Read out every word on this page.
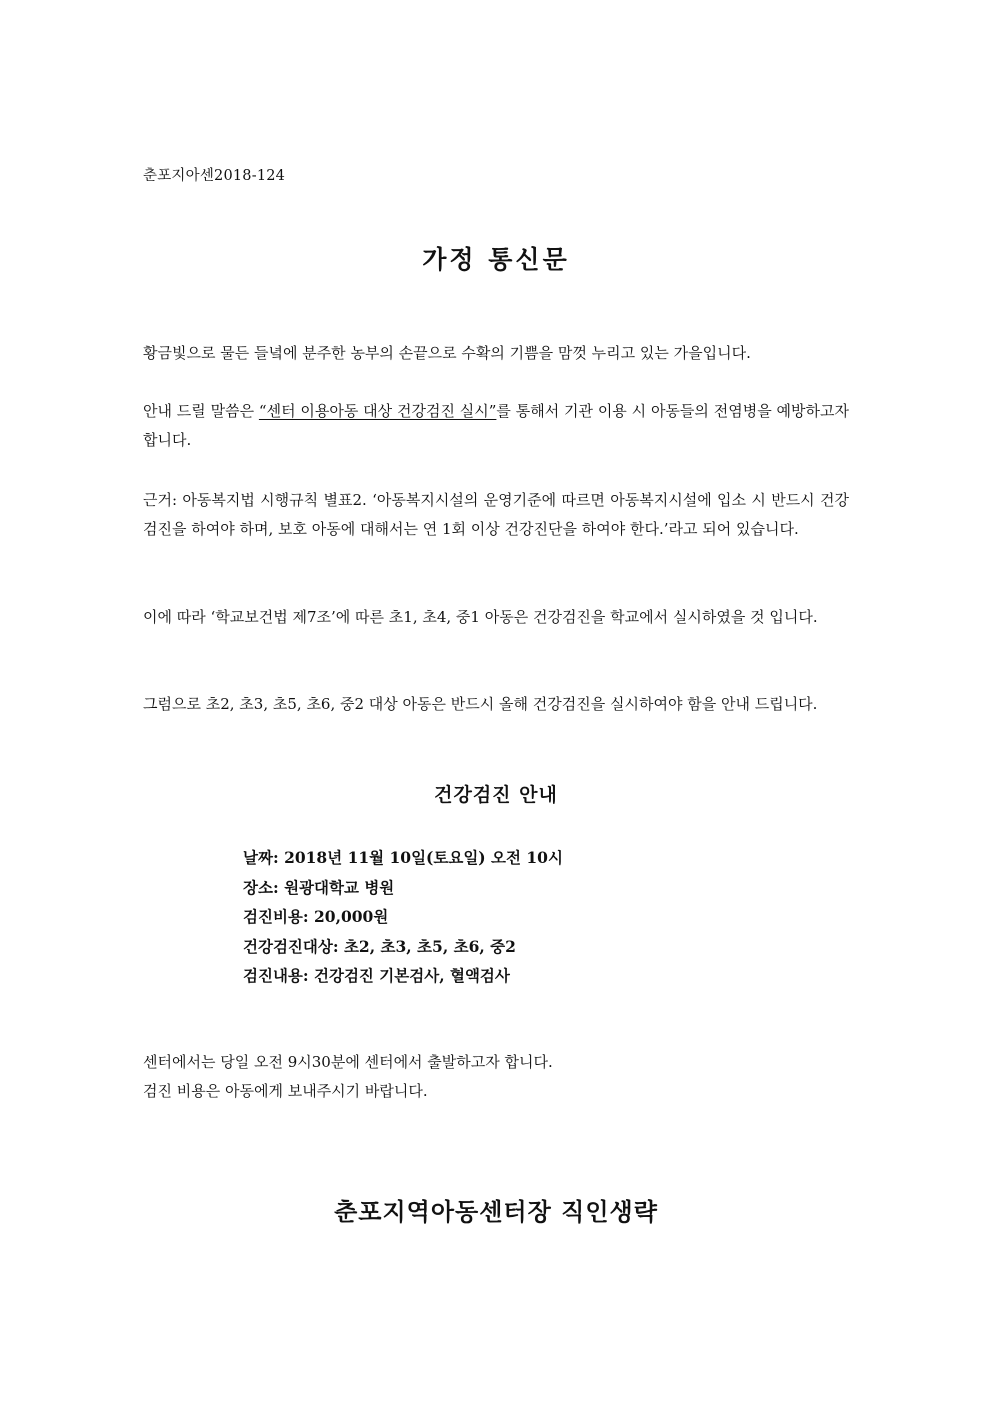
춘포지아센2018-124
가정 통신문
황금빛으로 물든 들녘에 분주한 농부의 손끝으로 수확의 기쁨을 맘껏 누리고 있는 가을입니다.
안내 드릴 말씀은 “센터 이용아동 대상 건강검진 실시”를 통해서 기관 이용 시 아동들의 전염병을 예방하고자 합니다.
근거: 아동복지법 시행규칙 별표2. ‘아동복지시설의 운영기준에 따르면 아동복지시설에 입소 시 반드시 건강검진을 하여야 하며, 보호 아동에 대해서는 연 1회 이상 건강진단을 하여야 한다.’라고 되어 있습니다.
이에 따라 ‘학교보건법 제7조’에 따른 초1, 초4, 중1 아동은 건강검진을 학교에서 실시하였을 것 입니다.
그럼으로 초2, 초3, 초5, 초6, 중2 대상 아동은 반드시 올해 건강검진을 실시하여야 함을 안내 드립니다.
건강검진 안내
날짜: 2018년 11월 10일(토요일) 오전 10시
장소: 원광대학교 병원
검진비용: 20,000원
건강검진대상: 초2, 초3, 초5, 초6, 중2
검진내용: 건강검진 기본검사, 혈액검사
센터에서는 당일 오전 9시30분에 센터에서 출발하고자 합니다.
검진 비용은 아동에게 보내주시기 바랍니다.
춘포지역아동센터장 직인생략
